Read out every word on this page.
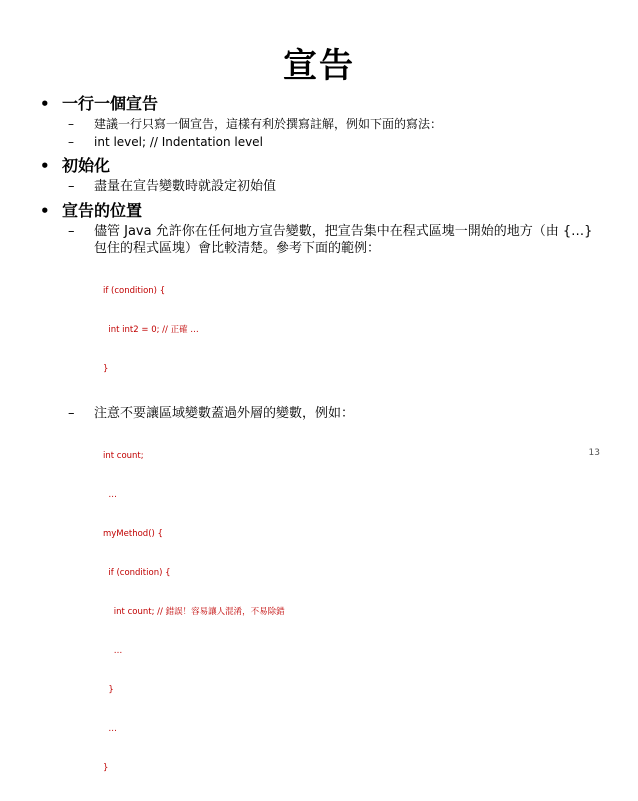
宣告
• 一行一個宣告
–	建議一行只寫一個宣告，這樣有利於撰寫註解，例如下面的寫法：
–	int level; // Indentation level
• 初始化
–	盡量在宣告變數時就設定初始值
• 宣告的位置
–	儘管 Java 允許你在任何地方宣告變數，把宣告集中在程式區塊一開始的地方（由 {…} 包住的程式區塊）會比較清楚。參考下面的範例：

if (condition) {

int int2 = 0; // 正確 …

}

–	注意不要讓區域變數蓋過外層的變數，例如：

int count;

…

myMethod() {

if (condition) {

int count; // 錯誤！容易讓人混淆，不易除錯

…

}

…

}

13
